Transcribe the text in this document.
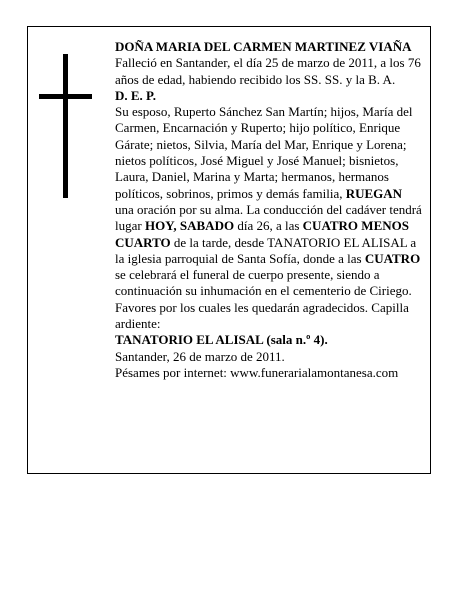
DOÑA MARIA DEL CARMEN MARTINEZ VIAÑA

Falleció en Santander, el día 25 de marzo de 2011, a los 76 años de edad, habiendo recibido los SS. SS. y la B. A.

D. E. P.

Su esposo, Ruperto Sánchez San Martín; hijos, María del Carmen, Encarnación y Ruperto; hijo político, Enrique Gárate; nietos, Silvia, María del Mar, Enrique y Lorena; nietos políticos, José Miguel y José Manuel; bisnietos, Laura, Daniel, Marina y Marta; hermanos, hermanos políticos, sobrinos, primos y demás familia, RUEGAN una oración por su alma. La conducción del cadáver tendrá lugar HOY, SABADO día 26, a las CUATRO MENOS CUARTO de la tarde, desde TANATORIO EL ALISAL a la iglesia parroquial de Santa Sofía, donde a las CUATRO se celebrará el funeral de cuerpo presente, siendo a continuación su inhumación en el cementerio de Ciriego. Favores por los cuales les quedarán agradecidos. Capilla ardiente:

TANATORIO EL ALISAL (sala n.º 4).

Santander, 26 de marzo de 2011.

Pésames por internet: www.funerarialamontanesa.com
